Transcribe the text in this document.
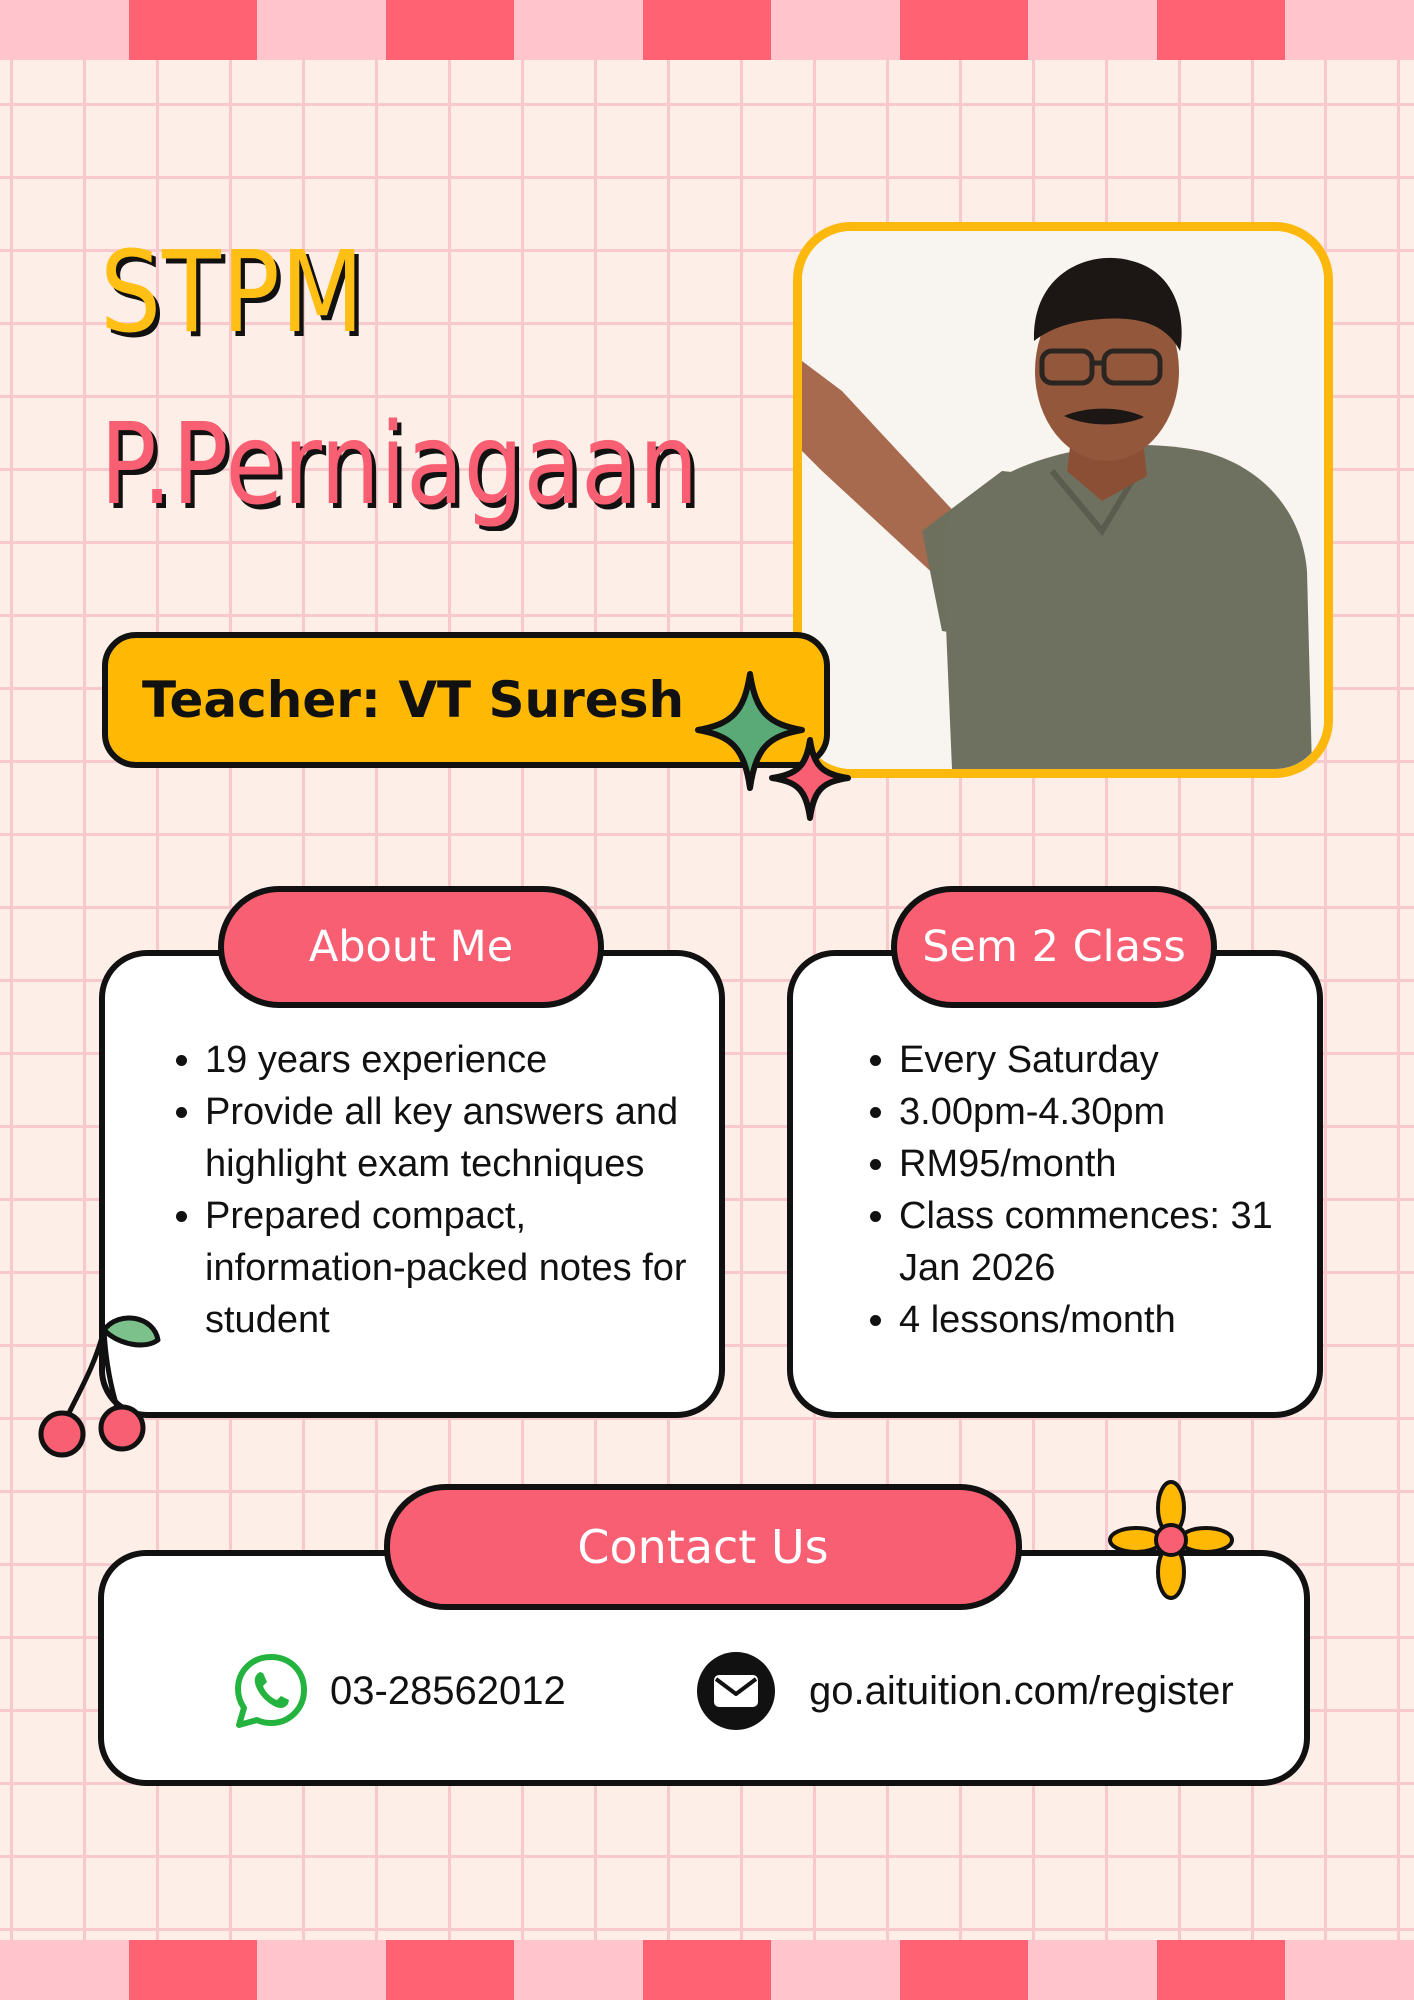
STPM
P.Perniagaan
Teacher: VT Suresh
• 19 years experience
• Provide all key answers and highlight exam techniques
• Prepared compact, information-packed notes for student
About Me
• Every Saturday
• 3.00pm-4.30pm
• RM95/month
• Class commences: 31 Jan 2026
• 4 lessons/month
Sem 2 Class
Contact Us
03-28562012	go.aituition.com/register
